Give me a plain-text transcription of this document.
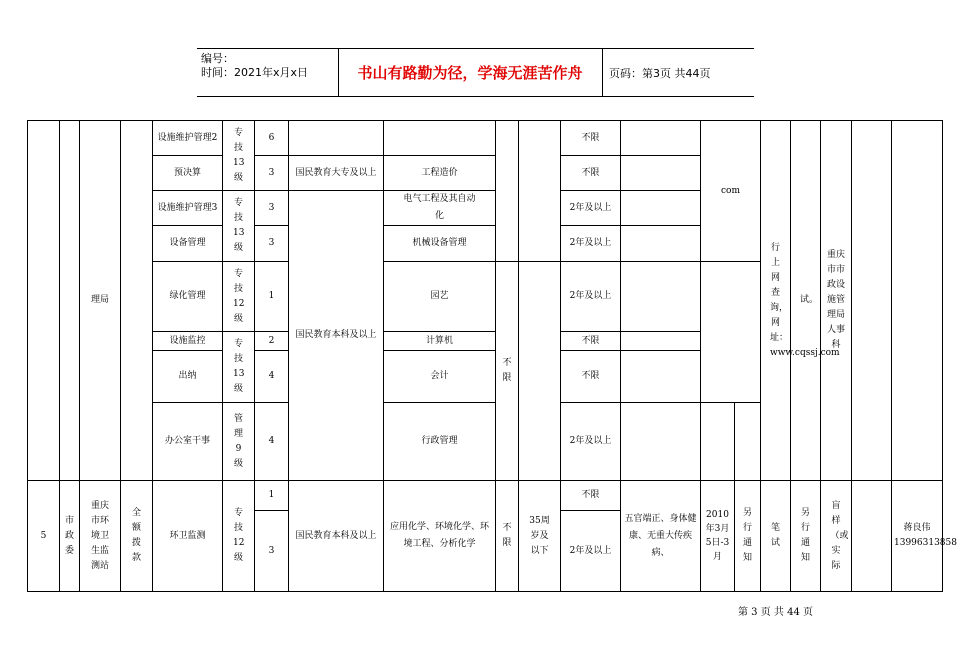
编号：
时间：2021年x月x日	书山有路勤为径，学海无涯苦作舟	页码：第3页 共44页
		理局		设施维护管理2	专技13级	6					不限		com		行上网查询，网址：www.cqssj.com	试。	重庆市市政设施管理局人事科		

				预决算		3	国民教育大专及以上	工程造价			不限								
				设施维护管理3	专技13级	3	国民教育本科及以上	电气工程及其自动化			2年及以上								
				设备管理		3		机械设备管理			2年及以上								
				绿化管理	专技12级	1		园艺	不限		2年及以上								
				设施监控	专技13级	2		计算机			不限								
				出纳		4		会计			不限								
				办公室干事	管理9级	4		行政管理			2年及以上								
5	市政委	重庆市环境卫生监测站	全额拨款	环卫监测	专技12级	1	国民教育本科及以上	应用化学、环境化学、环境工程、分析化学	不限	35周岁及以下	不限	五官端正、身体健康、无重大传疾病、	2010年3月5日-3月	另行通知	笔试	另行通知	盲样（或实际		蒋良伟13996313858

						3					2年及以上								
第 3 页 共 44 页
